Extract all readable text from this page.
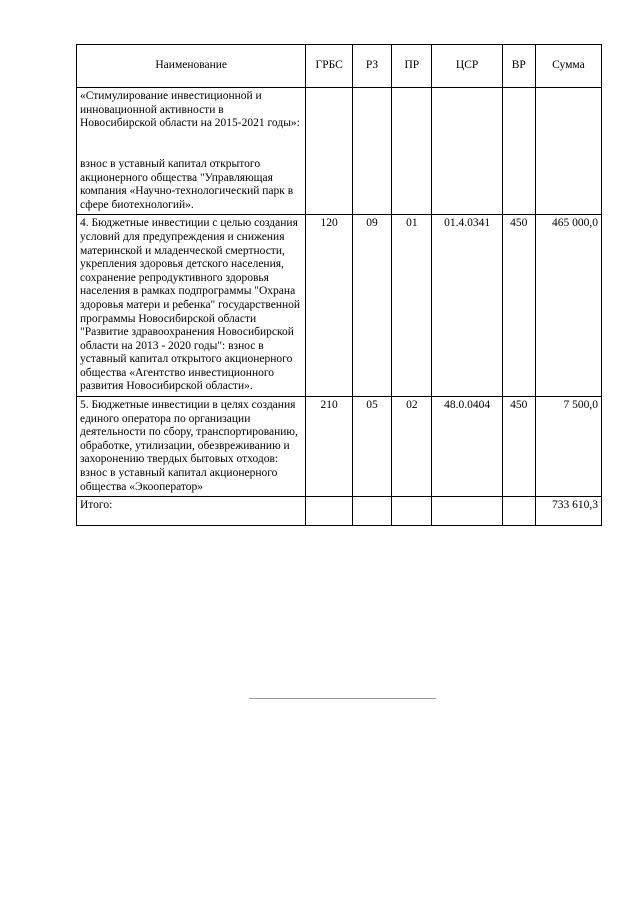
Наименование	ГРБС	РЗ	ПР	ЦСР	ВР	Сумма
«Стимулирование инвестиционной и инновационной активности в Новосибирской области на 2015-2021 годы»:
взнос в уставный капитал открытого акционерного общества "Управляющая компания «Научно-технологический парк в сфере биотехнологий».						
4. Бюджетные инвестиции с целью создания условий для предупреждения и снижения материнской и младенческой смертности, укрепления здоровья детского населения, сохранение репродуктивного здоровья населения в рамках подпрограммы "Охрана здоровья матери и ребенка" государственной программы Новосибирской области "Развитие здравоохранения Новосибирской области на 2013 - 2020 годы": взнос в уставный капитал открытого акционерного общества «Агентство инвестиционного развития Новосибирской области».	120	09	01	01.4.0341	450	465 000,0
5. Бюджетные инвестиции в целях создания единого оператора по организации деятельности по сбору, транспортированию, обработке, утилизации, обезвреживанию и захоронению твердых бытовых отходов: взнос в уставный капитал акционерного общества «Экооператор»	210	05	02	48.0.0404	450	7 500,0
Итого:						733 610,3
